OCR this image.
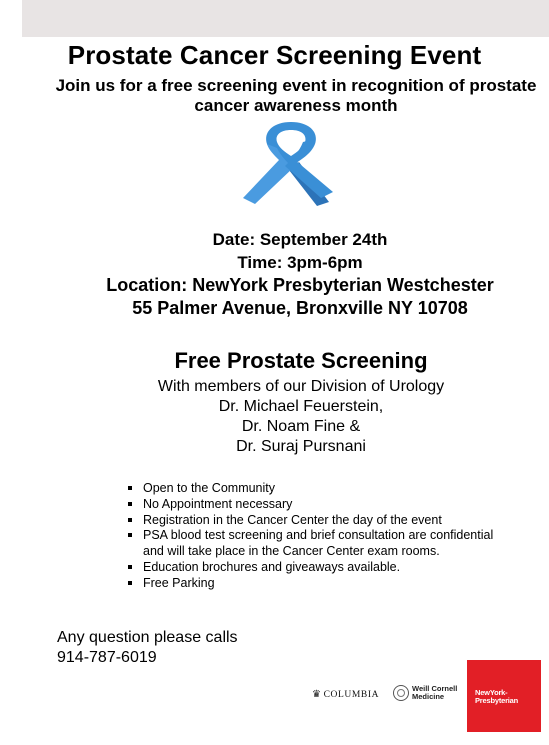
Prostate Cancer Screening Event
Join us for a free screening event in recognition of prostate
cancer awareness month
Date: September 24th
Time: 3pm-6pm
Location: NewYork Presbyterian Westchester
55 Palmer Avenue, Bronxville NY 10708
Free Prostate Screening
With members of our Division of Urology
Dr. Michael Feuerstein,
Dr. Noam Fine &
Dr. Suraj Pursnani
Open to the Community
No Appointment necessary
Registration in the Cancer Center the day of the event
PSA blood test screening and brief consultation are confidential and will take place in the Cancer Center exam rooms.
Education brochures and giveaways available.
Free Parking
Any question please calls
914-787-6019
♛ COLUMBIA
Weill Cornell
Medicine	NewYork-
Presbyterian
